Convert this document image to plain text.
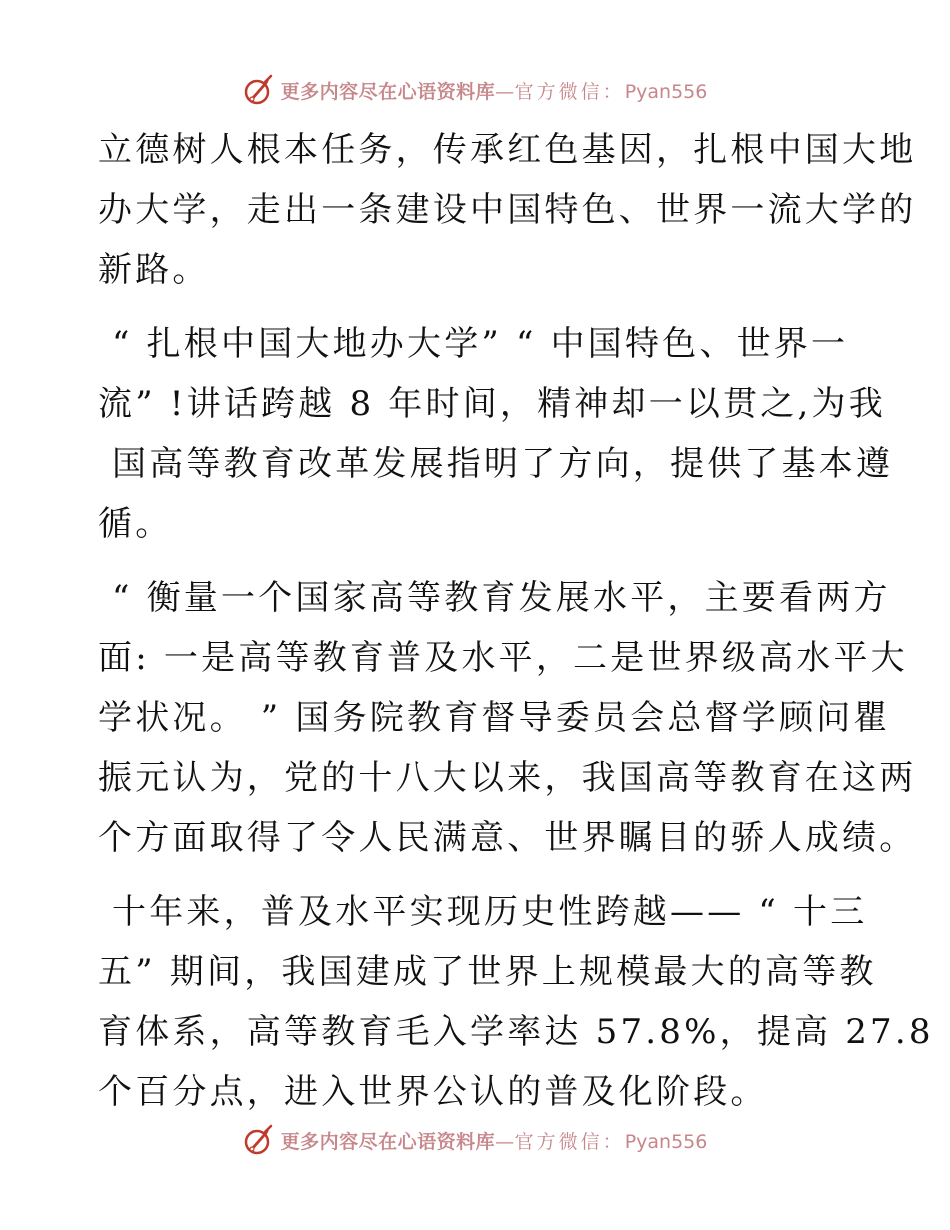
更多内容尽在心语资料库—官方微信：Pyan556

立德树人根本任务，传承红色基因，扎根中国大地
办大学，走出一条建设中国特色、世界一流大学的
新路。

“ 扎根中国大地办大学” “ 中国特色、世界一
流” !讲话跨越 8 年时间，精神却一以贯之,为我
国高等教育改革发展指明了方向，提供了基本遵
循。

“ 衡量一个国家高等教育发展水平，主要看两方
面: 一是高等教育普及水平，二是世界级高水平大
学状况。 ” 国务院教育督导委员会总督学顾问瞿
振元认为，党的十八大以来，我国高等教育在这两
个方面取得了令人民满意、世界瞩目的骄人成绩。

十年来，普及水平实现历史性跨越—— “ 十三
五” 期间，我国建成了世界上规模最大的高等教
育体系，高等教育毛入学率达 57.8%，提高 27.8
个百分点，进入世界公认的普及化阶段。

更多内容尽在心语资料库—官方微信：Pyan556
